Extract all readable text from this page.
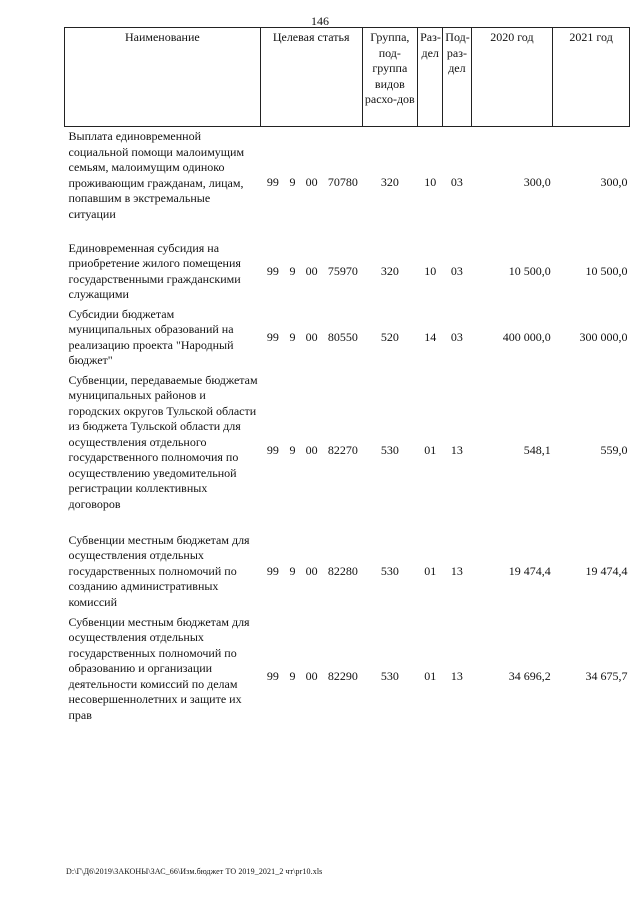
146
Наименование	Целевая статья				Группа, под-группа видов расхо-дов	Раз-дел	Под-раз-дел	2020 год	2021 год
Выплата единовременной социальной помощи малоимущим семьям, малоимущим одиноко проживающим гражданам, лицам, попавшим в экстремальные ситуации	99	9	00	70780	320	10	03	300,0	300,0
Единовременная субсидия на приобретение жилого помещения государственными гражданскими служащими	99	9	00	75970	320	10	03	10 500,0	10 500,0
Субсидии бюджетам муниципальных образований на реализацию проекта "Народный бюджет"	99	9	00	80550	520	14	03	400 000,0	300 000,0
Субвенции, передаваемые бюджетам муниципальных районов и городских округов Тульской области из бюджета Тульской области для осуществления отдельного государственного полномочия по осуществлению уведомительной регистрации коллективных договоров	99	9	00	82270	530	01	13	548,1	559,0
Субвенции местным бюджетам для осуществления отдельных государственных полномочий по созданию административных комиссий	99	9	00	82280	530	01	13	19 474,4	19 474,4
Субвенции местным бюджетам для осуществления отдельных государственных полномочий по образованию и организации деятельности комиссий по делам несовершеннолетних и защите их прав	99	9	00	82290	530	01	13	34 696,2	34 675,7
D:\Г\Д6\2019\ЗАКОНЫ\ЗАС_66\Изм.бюджет ТО 2019_2021_2 чт\pr10.xls
